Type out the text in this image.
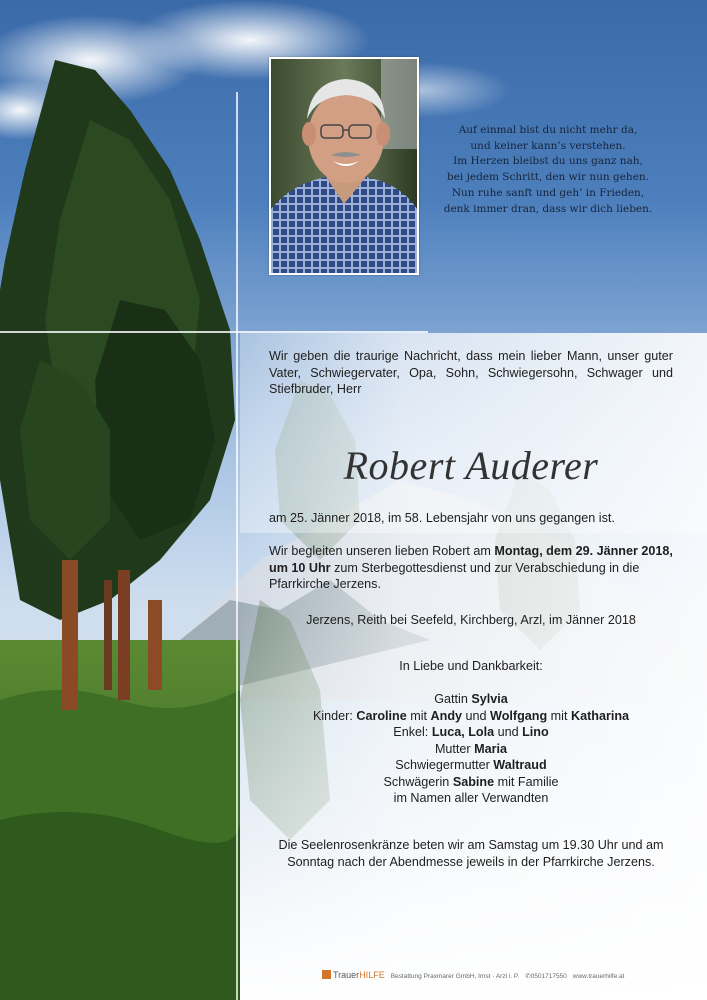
Auf einmal bist du nicht mehr da,
und keiner kann’s verstehen.
Im Herzen bleibst du uns ganz nah,
bei jedem Schritt, den wir nun gehen.
Nun ruhe sanft und geh’ in Frieden,
denk immer dran, dass wir dich lieben.
Wir geben die traurige Nachricht, dass mein lieber Mann, unser guter Vater, Schwiegervater, Opa, Sohn, Schwiegersohn, Schwager und Stiefbruder, Herr
Robert Auderer
am 25. Jänner 2018, im 58. Lebensjahr von uns gegangen ist.
Wir begleiten unseren lieben Robert am Montag, dem 29. Jänner 2018, um 10 Uhr zum Sterbegottesdienst und zur Verabschiedung in die Pfarrkirche Jerzens.
Jerzens, Reith bei Seefeld, Kirchberg, Arzl, im Jänner 2018
In Liebe und Dankbarkeit:
Gattin Sylvia
Kinder: Caroline mit Andy und Wolfgang mit Katharina
Enkel: Luca, Lola und Lino
Mutter Maria
Schwiegermutter Waltraud
Schwägerin Sabine mit Familie
im Namen aller Verwandten
Die Seelenrosenkränze beten wir am Samstag um 19.30 Uhr und am Sonntag nach der Abendmesse jeweils in der Pfarrkirche Jerzens.
TrauerHILFE Bestattung Praxmarer GmbH, Imst · Arzl i. P. ✆0501717550 www.trauerhilfe.at
